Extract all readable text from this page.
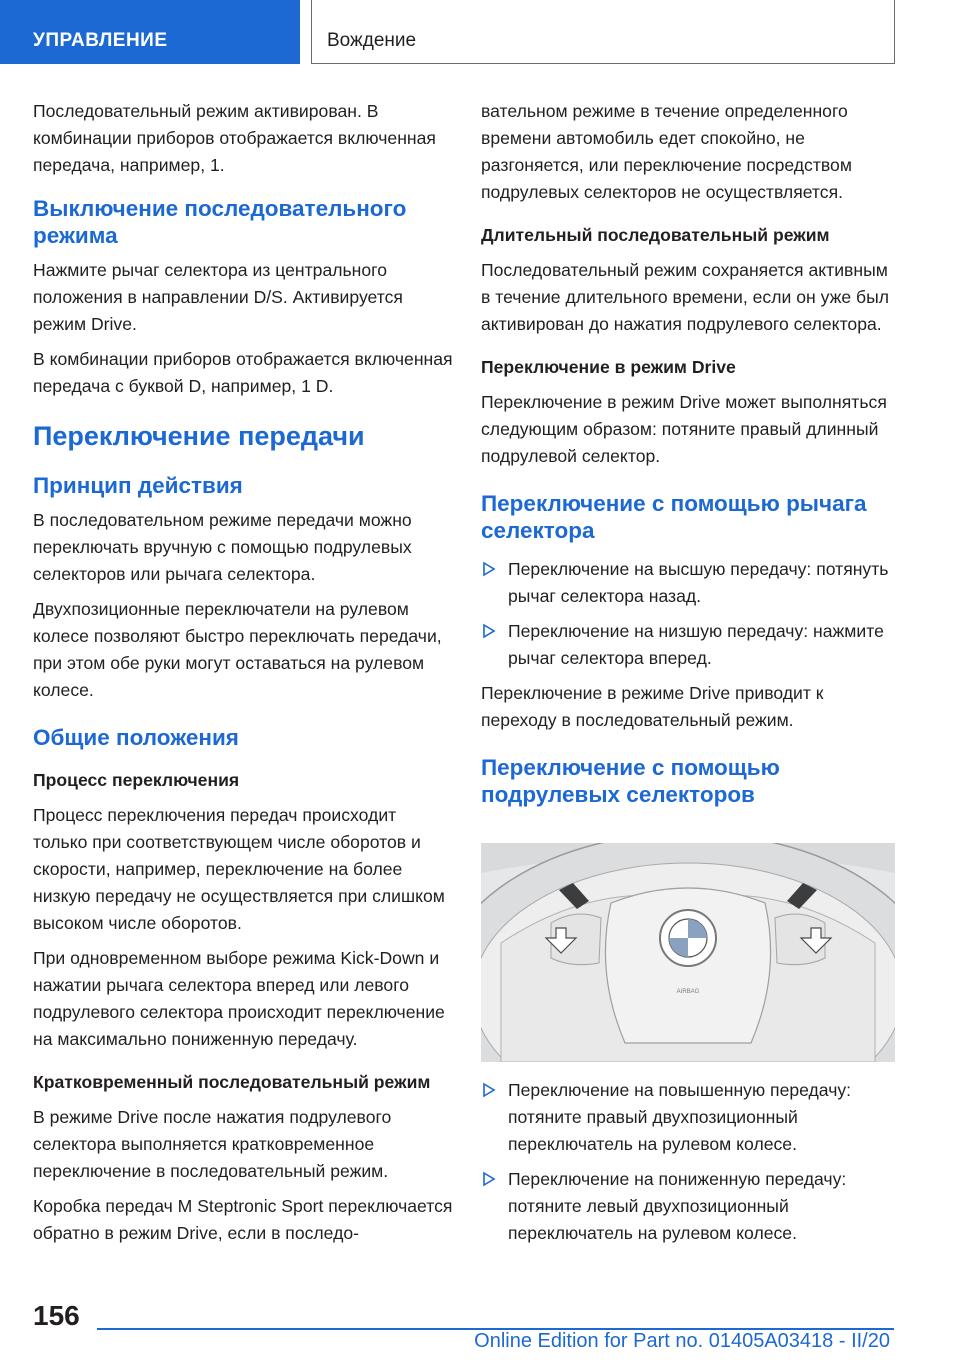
УПРАВЛЕНИЕ	Вождение

Последовательный режим активирован. В комбинации приборов отображается включенная передача, например, 1.

Выключение последовательного режима

Нажмите рычаг селектора из центрального положения в направлении D/S. Активируется режим Drive.

В комбинации приборов отображается включенная передача с буквой D, например, 1 D.

Переключение передачи
Принцип действия

В последовательном режиме передачи можно переключать вручную с помощью подрулевых селекторов или рычага селектора.

Двухпозиционные переключатели на рулевом колесе позволяют быстро переключать передачи, при этом обе руки могут оставаться на рулевом колесе.

Общие положения
Процесс переключения

Процесс переключения передач происходит только при соответствующем числе оборотов и скорости, например, переключение на более низкую передачу не осуществляется при слишком высоком числе оборотов.

При одновременном выборе режима Kick-Down и нажатии рычага селектора вперед или левого подрулевого селектора происходит переключение на максимально пониженную передачу.

Кратковременный последовательный режим

В режиме Drive после нажатия подрулевого селектора выполняется кратковременное переключение в последовательный режим.

Коробка передач M Steptronic Sport переключается обратно в режим Drive, если в последо-

вательном режиме в течение определенного времени автомобиль едет спокойно, не разгоняется, или переключение посредством подрулевых селекторов не осуществляется.

Длительный последовательный режим

Последовательный режим сохраняется активным в течение длительного времени, если он уже был активирован до нажатия подрулевого селектора.

Переключение в режим Drive

Переключение в режим Drive может выполняться следующим образом: потяните правый длинный подрулевой селектор.

Переключение с помощью рычага селектора

Переключение на высшую передачу: потянуть рычаг селектора назад.

Переключение на низшую передачу: нажмите рычаг селектора вперед.

Переключение в режиме Drive приводит к переходу в последовательный режим.

Переключение с помощью подрулевых селекторов
AIRBAG

Переключение на повышенную передачу: потяните правый двухпозиционный переключатель на рулевом колесе.

Переключение на пониженную передачу: потяните левый двухпозиционный переключатель на рулевом колесе.

156
Online Edition for Part no. 01405A03418 - II/20
